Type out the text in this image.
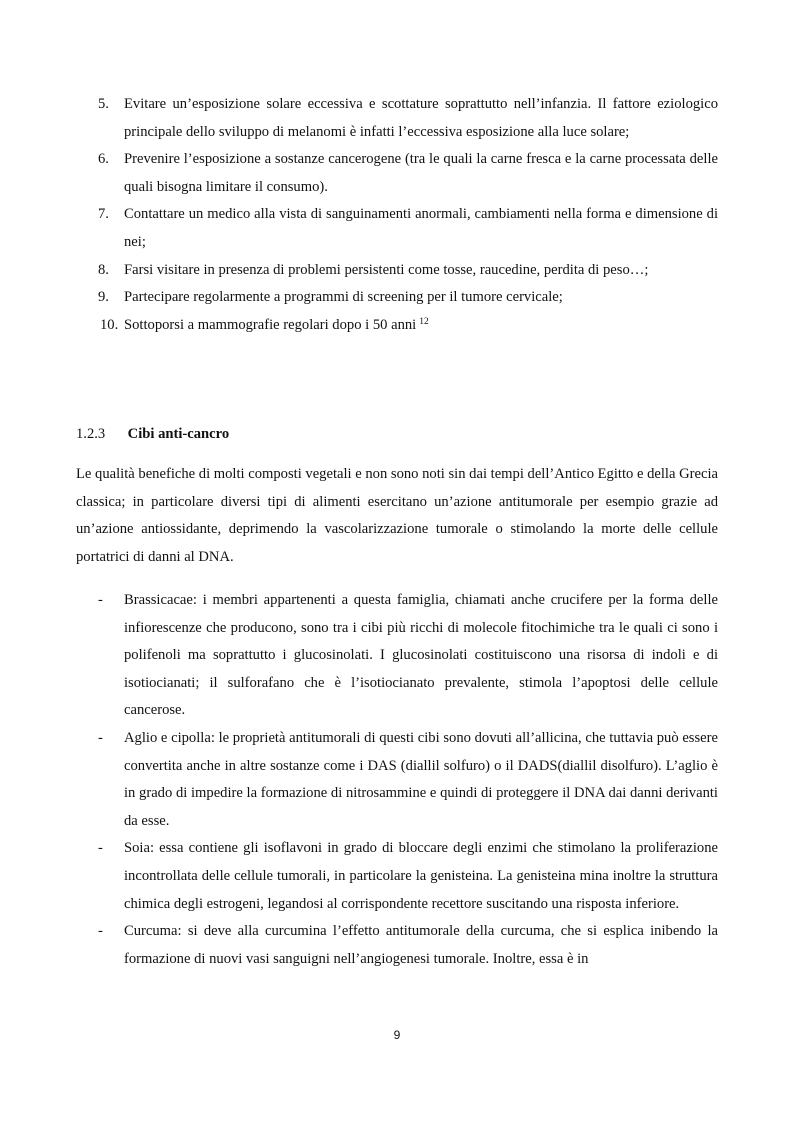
5. Evitare un’esposizione solare eccessiva e scottature soprattutto nell’infanzia. Il fattore eziologico principale dello sviluppo di melanomi è infatti l’eccessiva esposizione alla luce solare;
6. Prevenire l’esposizione a sostanze cancerogene (tra le quali la carne fresca e la carne processata delle quali bisogna limitare il consumo).
7. Contattare un medico alla vista di sanguinamenti anormali, cambiamenti nella forma e dimensione di nei;
8. Farsi visitare in presenza di problemi persistenti come tosse, raucedine, perdita di peso…;
9. Partecipare regolarmente a programmi di screening per il tumore cervicale;
10. Sottoporsi a mammografie regolari dopo i 50 anni $^{12}$
1.2.3 Cibi anti-cancro

Le qualità benefiche di molti composti vegetali e non sono noti sin dai tempi dell’Antico Egitto e della Grecia classica; in particolare diversi tipi di alimenti esercitano un’azione antitumorale per esempio grazie ad un’azione antiossidante, deprimendo la vascolarizzazione tumorale o stimolando la morte delle cellule portatrici di danni al DNA.

- Brassicacae: i membri appartenenti a questa famiglia, chiamati anche crucifere per la forma delle infiorescenze che producono, sono tra i cibi più ricchi di molecole fitochimiche tra le quali ci sono i polifenoli ma soprattutto i glucosinolati. I glucosinolati costituiscono una risorsa di indoli e di isotiocianati; il sulforafano che è l’isotiocianato prevalente, stimola l’apoptosi delle cellule cancerose.
- Aglio e cipolla: le proprietà antitumorali di questi cibi sono dovuti all’allicina, che tuttavia può essere convertita anche in altre sostanze come i DAS (diallil solfuro) o il DADS(diallil disolfuro). L’aglio è in grado di impedire la formazione di nitrosammine e quindi di proteggere il DNA dai danni derivanti da esse.
- Soia: essa contiene gli isoflavoni in grado di bloccare degli enzimi che stimolano la proliferazione incontrollata delle cellule tumorali, in particolare la genisteina. La genisteina mina inoltre la struttura chimica degli estrogeni, legandosi al corrispondente recettore suscitando una risposta inferiore.
- Curcuma: si deve alla curcumina l’effetto antitumorale della curcuma, che si esplica inibendo la formazione di nuovi vasi sanguigni nell’angiogenesi tumorale. Inoltre, essa è in
9
